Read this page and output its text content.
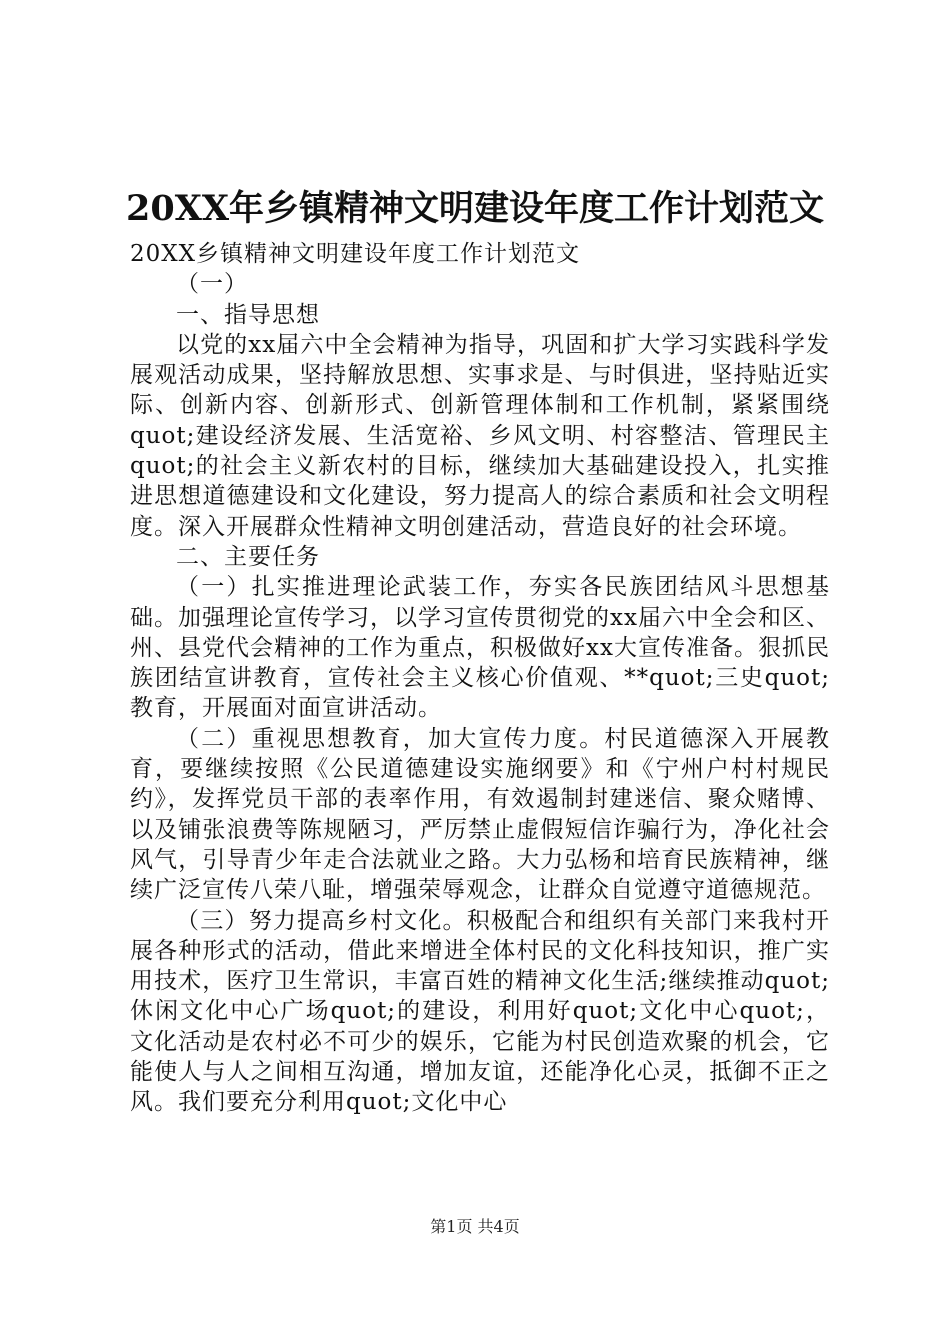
20XX年乡镇精神文明建设年度工作计划范文

20XX乡镇精神文明建设年度工作计划范文

（一）

一、指导思想

以党的xx届六中全会精神为指导，巩固和扩大学习实践科学发展观活动成果，坚持解放思想、实事求是、与时俱进，坚持贴近实际、创新内容、创新形式、创新管理体制和工作机制，紧紧围绕quot;建设经济发展、生活宽裕、乡风文明、村容整洁、管理民主quot;的社会主义新农村的目标，继续加大基础建设投入，扎实推进思想道德建设和文化建设，努力提高人的综合素质和社会文明程度。深入开展群众性精神文明创建活动，营造良好的社会环境。

二、主要任务

（一）扎实推进理论武装工作，夯实各民族团结风斗思想基础。加强理论宣传学习，以学习宣传贯彻党的xx届六中全会和区、州、县党代会精神的工作为重点，积极做好xx大宣传准备。狠抓民族团结宣讲教育，宣传社会主义核心价值观、**quot;三史quot;教育，开展面对面宣讲活动。

（二）重视思想教育，加大宣传力度。村民道德深入开展教育，要继续按照《公民道德建设实施纲要》和《宁州户村村规民约》，发挥党员干部的表率作用，有效遏制封建迷信、聚众赌博、以及铺张浪费等陈规陋习，严厉禁止虚假短信诈骗行为，净化社会风气，引导青少年走合法就业之路。大力弘杨和培育民族精神，继续广泛宣传八荣八耻，增强荣辱观念，让群众自觉遵守道德规范。

（三）努力提高乡村文化。积极配合和组织有关部门来我村开展各种形式的活动，借此来增进全体村民的文化科技知识，推广实用技术，医疗卫生常识，丰富百姓的精神文化生活;继续推动quot;休闲文化中心广场quot;的建设，利用好quot;文化中心quot;，文化活动是农村必不可少的娱乐，它能为村民创造欢聚的机会，它能使人与人之间相互沟通，增加友谊，还能净化心灵，抵御不正之风。我们要充分利用quot;文化中心

第1页 共4页
